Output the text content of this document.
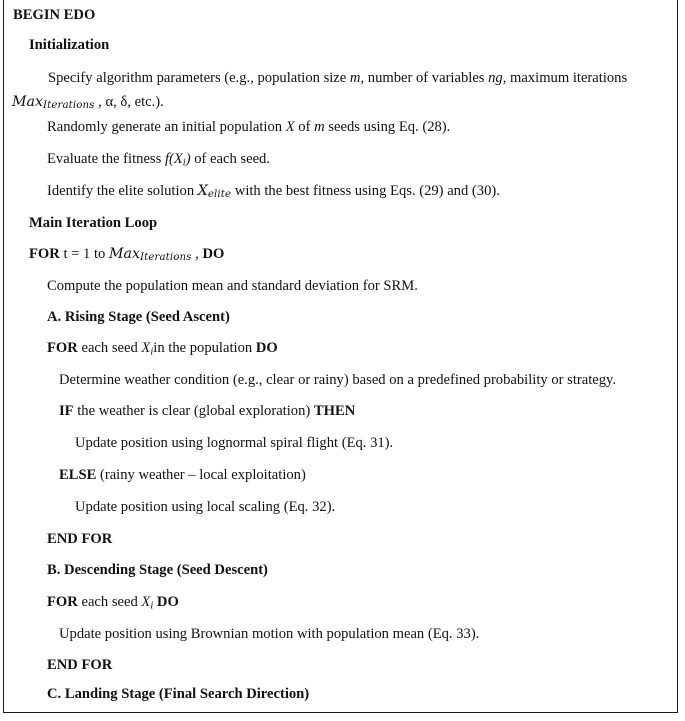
BEGIN EDO
Initialization
Specify algorithm parameters (e.g., population size m, number of variables ng, maximum iterations Max$_{Iterations}$ , α, δ, etc.).
Randomly generate an initial population X of m seeds using Eq. (28).
Evaluate the fitness $f(X_i)$ of each seed.
Identify the elite solution $X_{elite}$ with the best fitness using Eqs. (29) and (30).
Main Iteration Loop
FOR t = 1 to Max$_{Iterations}$ , DO
Compute the population mean and standard deviation for SRM.
A. Rising Stage (Seed Ascent)
FOR each seed $X_iin$ the population DO
Determine weather condition (e.g., clear or rainy) based on a predefined probability or strategy.
IF the weather is clear (global exploration) THEN
Update position using lognormal spiral flight (Eq. 31).
ELSE (rainy weather – local exploitation)
Update position using local scaling (Eq. 32).
END FOR
B. Descending Stage (Seed Descent)
FOR each seed $X_i$ DO
Update position using Brownian motion with population mean (Eq. 33).
END FOR
C. Landing Stage (Final Search Direction)
